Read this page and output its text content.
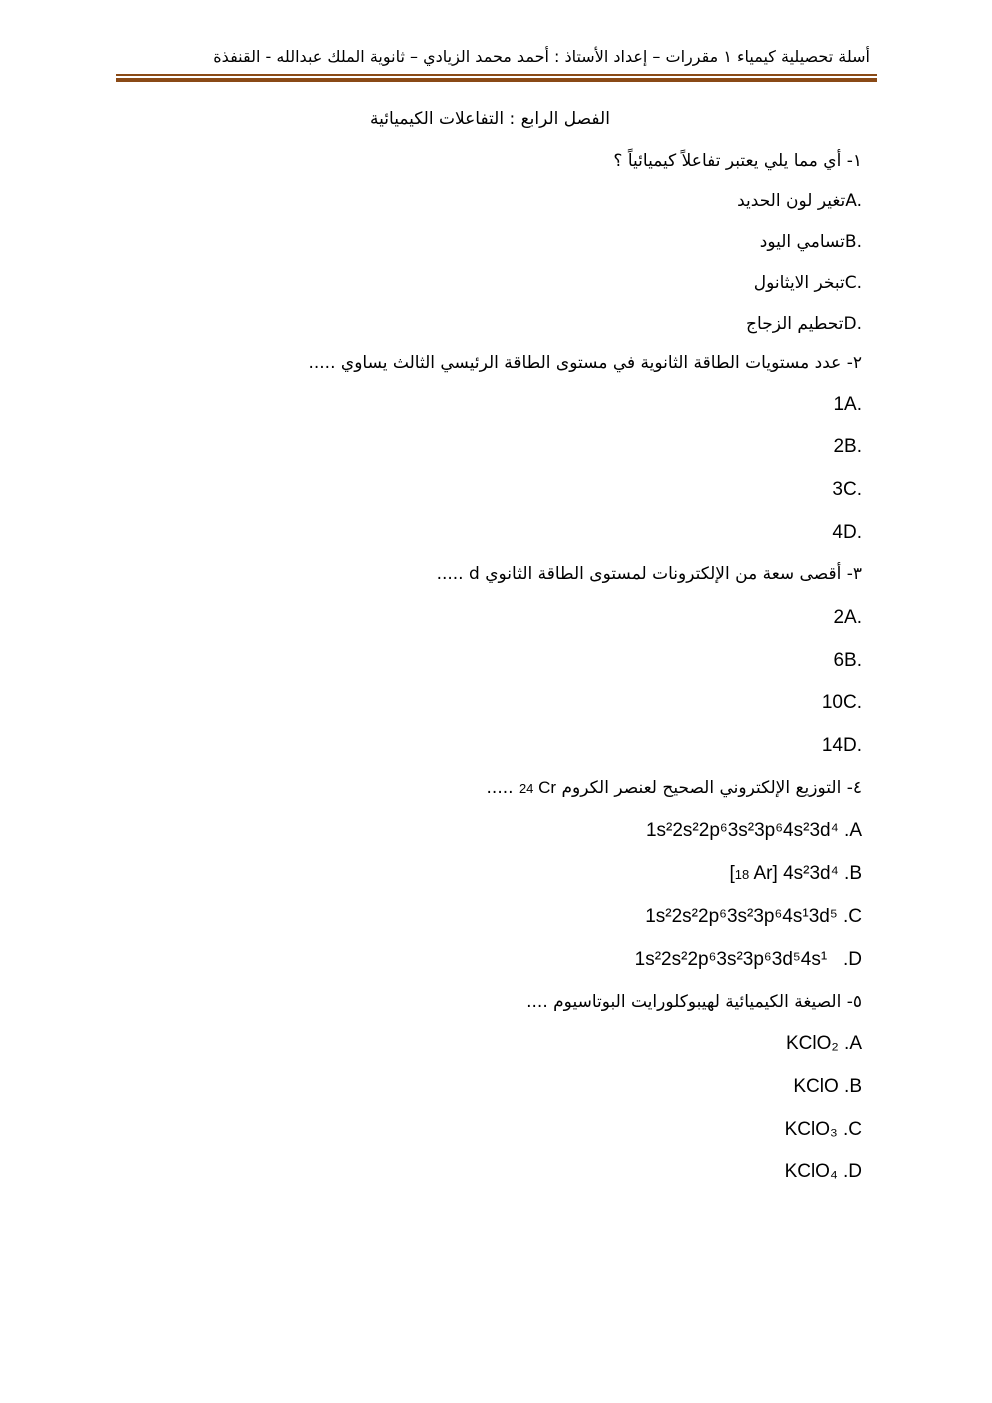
أسلة تحصيلية كيمياء ١ مقررات – إعداد الأستاذ : أحمد محمد الزيادي – ثانوية الملك عبدالله - القنفذة
الفصل الرابع : التفاعلات الكيميائية
١- أي مما يلي يعتبر تفاعلاً كيميائياً ؟
A.تغير لون الحديد
B.تسامي اليود
C.تبخر الايثانول
D.تحطيم الزجاج
٢- عدد مستويات الطاقة الثانوية في مستوى الطاقة الرئيسي الثالث يساوي .....
1A.
2B.
3C.
4D.
٣- أقصى سعة من الإلكترونات لمستوى الطاقة الثانوي d .....
2A.
6B.
10C.
14D.
٤- التوزيع الإلكتروني الصحيح لعنصر الكروم 24 Cr .....
1s²2s²2p⁶3s²3p⁶4s²3d⁴ .A
[18 Ar] 4s²3d⁴ .B
1s²2s²2p⁶3s²3p⁶4s¹3d⁵ .C
1s²2s²2p⁶3s²3p⁶3d⁵4s¹ .D
٥- الصيغة الكيميائية لهيبوكلورايت البوتاسيوم ....
KClO₂ .A
KClO .B
KClO₃ .C
KClO₄ .D
